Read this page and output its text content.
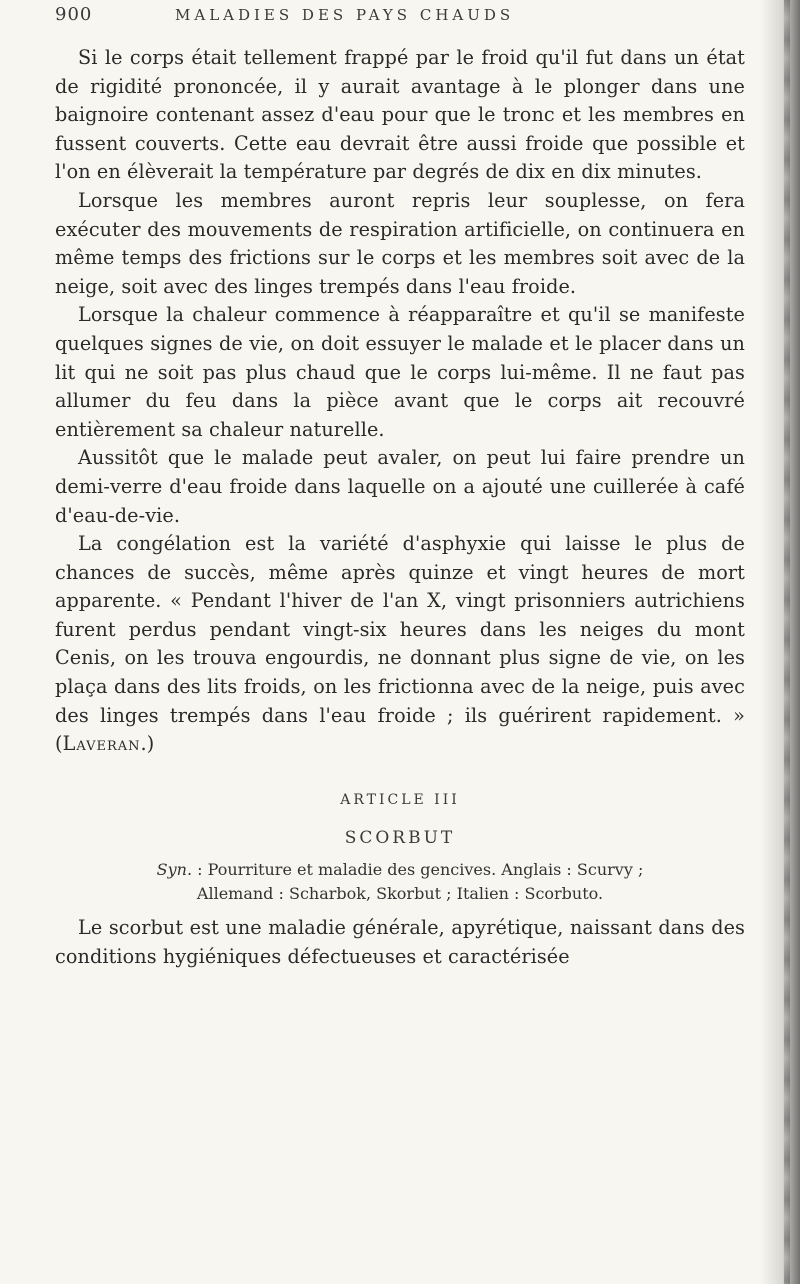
900	MALADIES DES PAYS CHAUDS

Si le corps était tellement frappé par le froid qu'il fut dans un état de rigidité prononcée, il y aurait avantage à le plonger dans une baignoire contenant assez d'eau pour que le tronc et les membres en fussent couverts. Cette eau devrait être aussi froide que possible et l'on en élèverait la température par degrés de dix en dix minutes.

Lorsque les membres auront repris leur souplesse, on fera exécuter des mouvements de respiration artificielle, on continuera en même temps des frictions sur le corps et les membres soit avec de la neige, soit avec des linges trempés dans l'eau froide.

Lorsque la chaleur commence à réapparaître et qu'il se manifeste quelques signes de vie, on doit essuyer le malade et le placer dans un lit qui ne soit pas plus chaud que le corps lui-même. Il ne faut pas allumer du feu dans la pièce avant que le corps ait recouvré entièrement sa chaleur naturelle.

Aussitôt que le malade peut avaler, on peut lui faire prendre un demi-verre d'eau froide dans laquelle on a ajouté une cuillerée à café d'eau-de-vie.

La congélation est la variété d'asphyxie qui laisse le plus de chances de succès, même après quinze et vingt heures de mort apparente. « Pendant l'hiver de l'an X, vingt prisonniers autrichiens furent perdus pendant vingt-six heures dans les neiges du mont Cenis, on les trouva engourdis, ne donnant plus signe de vie, on les plaça dans des lits froids, on les frictionna avec de la neige, puis avec des linges trempés dans l'eau froide ; ils guérirent rapidement. » (Laveran.)

ARTICLE III
SCORBUT
Syn. : Pourriture et maladie des gencives. Anglais : Scurvy ;
Allemand : Scharbok, Skorbut ; Italien : Scorbuto.

Le scorbut est une maladie générale, apyrétique, naissant dans des conditions hygiéniques défectueuses et caractérisée
